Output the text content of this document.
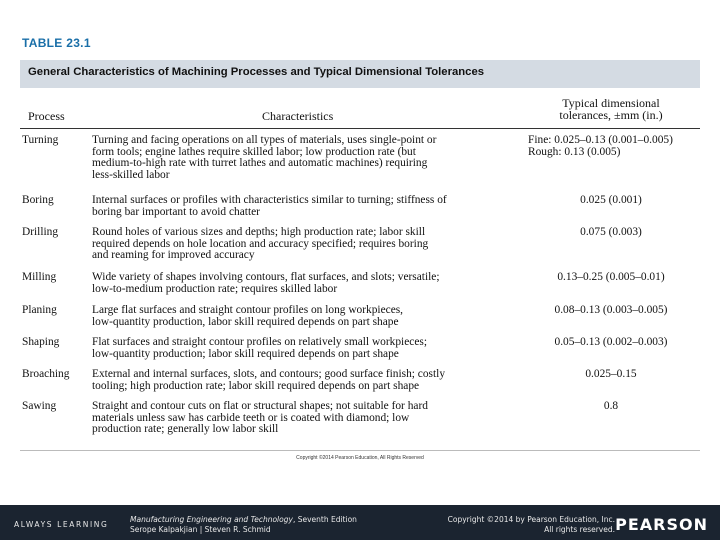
TABLE 23.1
General Characteristics of Machining Processes and Typical Dimensional Tolerances
Process	Characteristics
Typical dimensional
tolerances, ±mm (in.)
Turning	Turning and facing operations on all types of materials, uses single-point or
form tools; engine lathes require skilled labor; low production rate (but
medium-to-high rate with turret lathes and automatic machines) requiring
less-skilled labor
Fine: 0.025–0.13 (0.001–0.005)
Rough: 0.13 (0.005)
Boring	Internal surfaces or profiles with characteristics similar to turning; stiffness of
boring bar important to avoid chatter
0.025 (0.001)
Drilling	Round holes of various sizes and depths; high production rate; labor skill
required depends on hole location and accuracy specified; requires boring
and reaming for improved accuracy
0.075 (0.003)
Milling	Wide variety of shapes involving contours, flat surfaces, and slots; versatile;
low-to-medium production rate; requires skilled labor
0.13–0.25 (0.005–0.01)
Planing	Large flat surfaces and straight contour profiles on long workpieces,
low-quantity production, labor skill required depends on part shape
0.08–0.13 (0.003–0.005)
Shaping	Flat surfaces and straight contour profiles on relatively small workpieces;
low-quantity production; labor skill required depends on part shape
0.05–0.13 (0.002–0.003)
Broaching External and internal surfaces, slots, and contours; good surface finish; costly
tooling; high production rate; labor skill required depends on part shape
0.025–0.15
Sawing	Straight and contour cuts on flat or structural shapes; not suitable for hard
materials unless saw has carbide teeth or is coated with diamond; low
production rate; generally low labor skill
0.8
Copyright ©2014 Pearson Education, All Rights Reserved
ALWAYS LEARNING
Manufacturing Engineering and Technology, Seventh Edition
Serope Kalpakjian | Steven R. Schmid
Copyright ©2014 by Pearson Education, Inc.
All rights reserved. PEARSON
